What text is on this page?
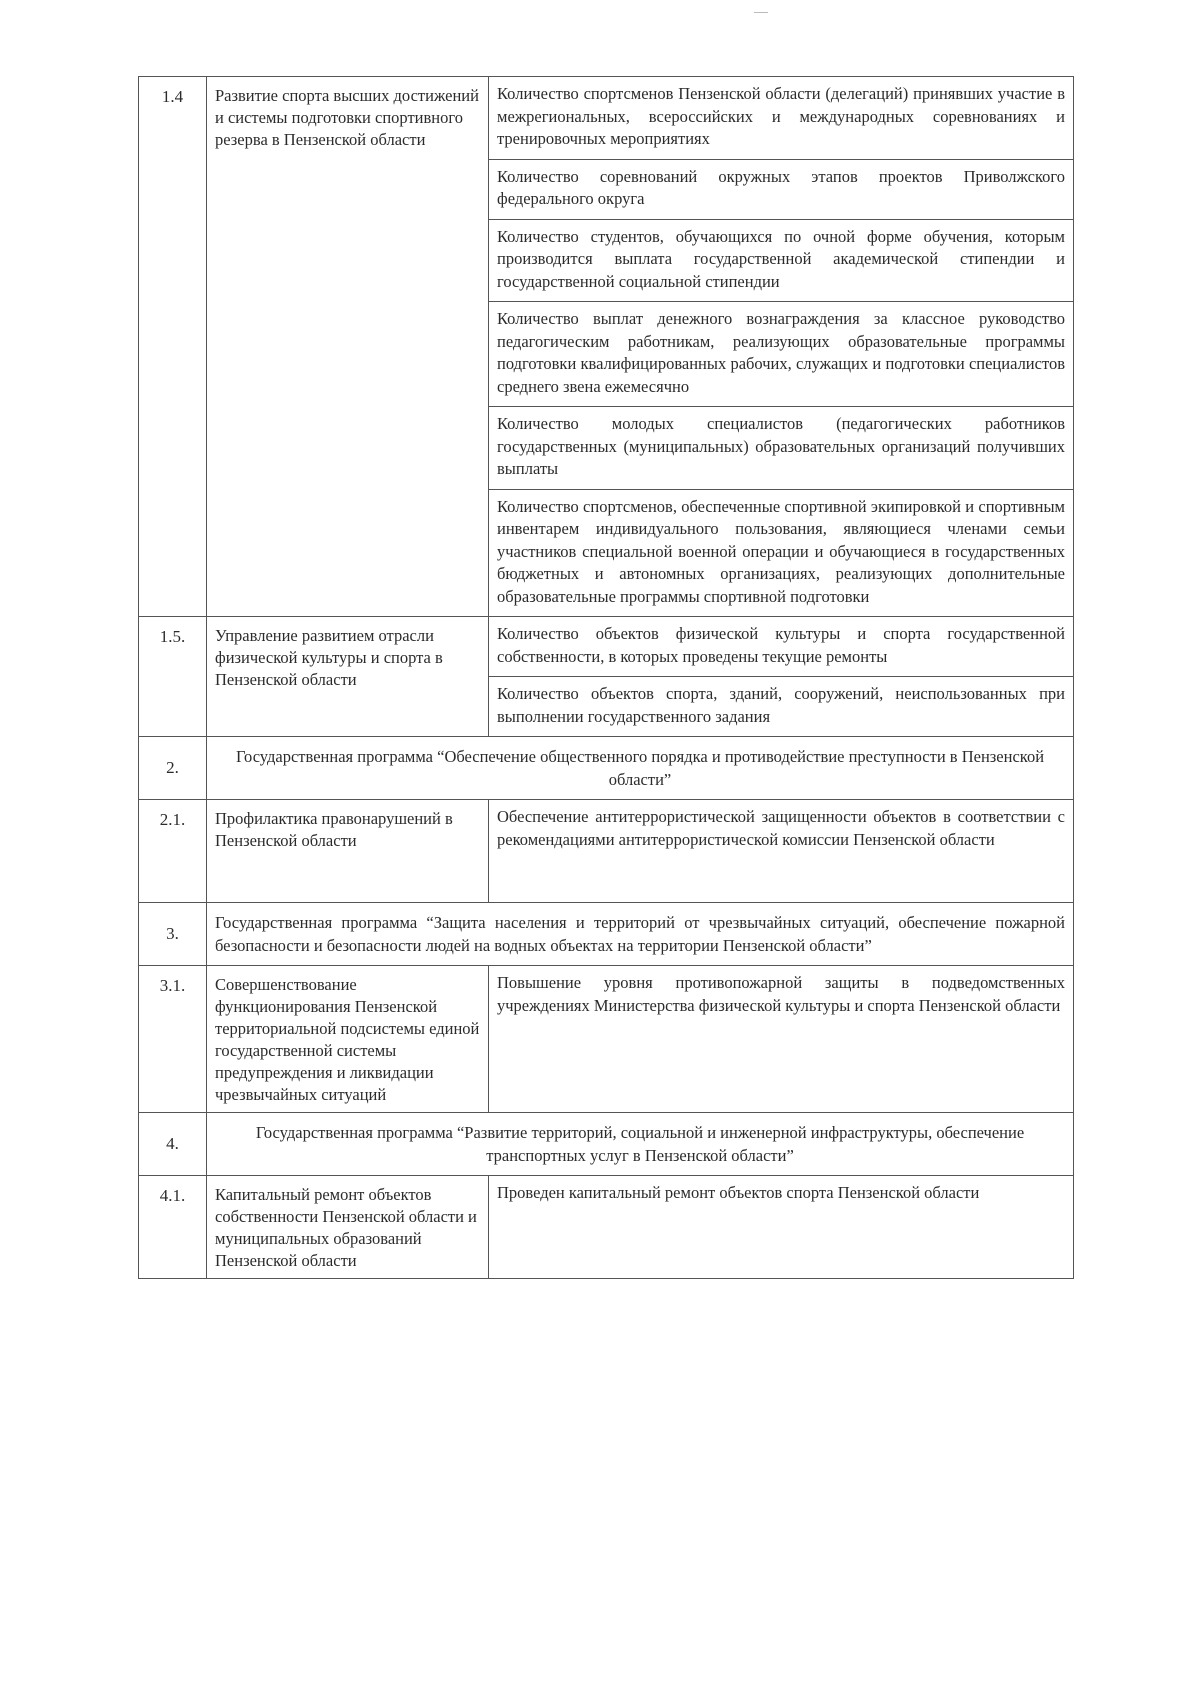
1.4	Развитие спорта высших достижений и системы подготовки спортивного резерва в Пензенской области	Количество спортсменов Пензенской области (делегаций) принявших участие в межрегиональных, всероссийских и международных соревнованиях и тренировочных мероприятиях
		Количество соревнований окружных этапов проектов Приволжского федерального округа
		Количество студентов, обучающихся по очной форме обучения, которым производится выплата государственной академической стипендии и государственной социальной стипендии
		Количество выплат денежного вознаграждения за классное руководство педагогическим работникам, реализующих образовательные программы подготовки квалифицированных рабочих, служащих и подготовки специалистов среднего звена ежемесячно
		Количество молодых специалистов (педагогических работников государственных (муниципальных) образовательных организаций получивших выплаты
		Количество спортсменов, обеспеченные спортивной экипировкой и спортивным инвентарем индивидуального пользования, являющиеся членами семьи участников специальной военной операции и обучающиеся в государственных бюджетных и автономных организациях, реализующих дополнительные образовательные программы спортивной подготовки
1.5.	Управление развитием отрасли физической культуры и спорта в Пензенской области	Количество объектов физической культуры и спорта государственной собственности, в которых проведены текущие ремонты
		Количество объектов спорта, зданий, сооружений, неиспользованных при выполнении государственного задания
2.	Государственная программа “Обеспечение общественного порядка и противодействие преступности в Пензенской области”	
2.1.	Профилактика правонарушений в Пензенской области	Обеспечение антитеррористической защищенности объектов в соответствии с рекомендациями антитеррористической комиссии Пензенской области
3.	Государственная программа “Защита населения и территорий от чрезвычайных ситуаций, обеспечение пожарной безопасности и безопасности людей на водных объектах на территории Пензенской области”	
3.1.	Совершенствование функционирования Пензенской территориальной подсистемы единой государственной системы предупреждения и ликвидации чрезвычайных ситуаций	Повышение уровня противопожарной защиты в подведомственных учреждениях Министерства физической культуры и спорта Пензенской области
4.	Государственная программа “Развитие территорий, социальной и инженерной инфраструктуры, обеспечение транспортных услуг в Пензенской области”	
4.1.	Капитальный ремонт объектов собственности Пензенской области и муниципальных образований Пензенской области	Проведен капитальный ремонт объектов спорта Пензенской области
